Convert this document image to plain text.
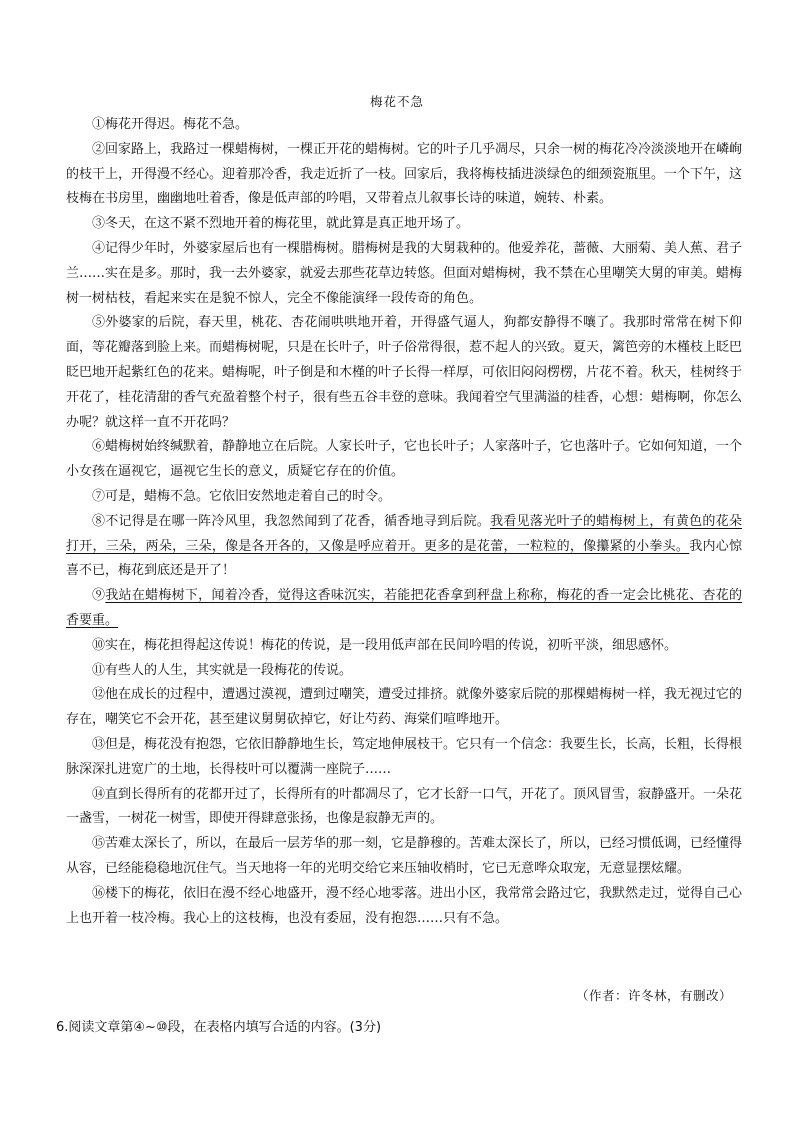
梅花不急

①梅花开得迟。梅花不急。

②回家路上，我路过一棵蜡梅树，一棵正开花的蜡梅树。它的叶子几乎凋尽，只余一树的梅花冷冷淡淡地开在嶙峋的枝干上，开得漫不经心。迎着那冷香，我走近折了一枝。回家后，我将梅枝插进淡绿色的细颈瓷瓶里。一个下午，这枝梅在书房里，幽幽地吐着香，像是低声部的吟唱，又带着点儿叙事长诗的味道，婉转、朴素。

③冬天，在这不紧不烈地开着的梅花里，就此算是真正地开场了。

④记得少年时，外婆家屋后也有一棵腊梅树。腊梅树是我的大舅栽种的。他爱养花，蔷薇、大丽菊、美人蕉、君子兰……实在是多。那时，我一去外婆家，就爱去那些花草边转悠。但面对蜡梅树，我不禁在心里嘲笑大舅的审美。蜡梅树一树枯枝，看起来实在是貌不惊人，完全不像能演绎一段传奇的角色。

⑤外婆家的后院，春天里，桃花、杏花闹哄哄地开着，开得盛气逼人，狗都安静得不嚷了。我那时常常在树下仰面，等花瓣落到脸上来。而蜡梅树呢，只是在长叶子，叶子俗常得很，惹不起人的兴致。夏天，篱笆旁的木槿枝上眨巴眨巴地开起紫红色的花来。蜡梅呢，叶子倒是和木槿的叶子长得一样厚，可依旧闷闷楞楞，片花不着。秋天，桂树终于开花了，桂花清甜的香气充盈着整个村子，很有些五谷丰登的意味。我闻着空气里满溢的桂香，心想：蜡梅啊，你怎么办呢？就这样一直不开花吗？

⑥蜡梅树始终缄默着，静静地立在后院。人家长叶子，它也长叶子；人家落叶子，它也落叶子。它如何知道，一个小女孩在逼视它，逼视它生长的意义，质疑它存在的价值。

⑦可是，蜡梅不急。它依旧安然地走着自己的时令。

⑧不记得是在哪一阵冷风里，我忽然闻到了花香，循香地寻到后院。我看见落光叶子的蜡梅树上，有黄色的花朵打开，三朵，两朵，三朵，像是各开各的，又像是呼应着开。更多的是花蕾，一粒粒的，像攥紧的小拳头。我内心惊喜不已，梅花到底还是开了！

⑨我站在蜡梅树下，闻着冷香，觉得这香味沉实，若能把花香拿到秤盘上称称，梅花的香一定会比桃花、杏花的香要重。

⑩实在，梅花担得起这传说！梅花的传说，是一段用低声部在民间吟唱的传说，初听平淡，细思感怀。

⑪有些人的人生，其实就是一段梅花的传说。

⑫他在成长的过程中，遭遇过漠视，遭到过嘲笑，遭受过排挤。就像外婆家后院的那棵蜡梅树一样，我无视过它的存在，嘲笑它不会开花，甚至建议舅舅砍掉它，好让芍药、海棠们喧哗地开。

⑬但是，梅花没有抱怨，它依旧静静地生长，笃定地伸展枝干。它只有一个信念：我要生长，长高，长粗，长得根脉深深扎进宽广的土地，长得枝叶可以覆满一座院子……

⑭直到长得所有的花都开过了，长得所有的叶都凋尽了，它才长舒一口气，开花了。顶风冒雪，寂静盛开。一朵花一盏雪，一树花一树雪，即使开得肆意张扬，也像是寂静无声的。

⑮苦难太深长了，所以，在最后一层芳华的那一刻，它是静穆的。苦难太深长了，所以，已经习惯低调，已经懂得从容，已经能稳稳地沉住气。当天地将一年的光明交给它来压轴收梢时，它已无意哗众取宠，无意显摆炫耀。

⑯楼下的梅花，依旧在漫不经心地盛开，漫不经心地零落。进出小区，我常常会路过它，我默然走过，觉得自己心上也开着一枝冷梅。我心上的这枝梅，也没有委屈，没有抱怨……只有不急。

（作者：许冬林，有删改）
6.阅读文章第④~⑩段，在表格内填写合适的内容。(3分)
